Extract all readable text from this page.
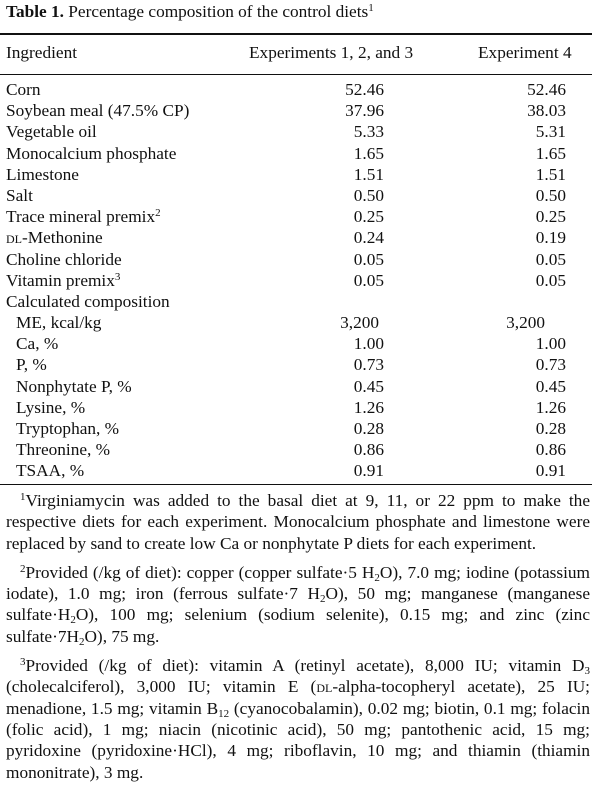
Table 1. Percentage composition of the control diets$^1$
Ingredient	Experiments 1, 2, and 3	Experiment 4
Corn	52.46	52.46
Soybean meal (47.5% CP)	37.96	38.03
Vegetable oil	5.33	5.31
Monocalcium phosphate	1.65	1.65
Limestone	1.51	1.51
Salt	0.50	0.50
Trace mineral premix$^2$	0.25	0.25
dl-Methonine	0.24	0.19
Choline chloride	0.05	0.05
Vitamin premix$^3$	0.05	0.05
Calculated composition
ME, kcal/kg	3,200	3,200
Ca, %	1.00	1.00
P, %	0.73	0.73
Nonphytate P, %	0.45	0.45
Lysine, %	1.26	1.26
Tryptophan, %	0.28	0.28
Threonine, %	0.86	0.86
TSAA, %	0.91	0.91

$^1$Virginiamycin was added to the basal diet at 9, 11, or 22 ppm to make the respective diets for each experiment. Monocalcium phosphate and limestone were replaced by sand to create low Ca or nonphytate P diets for each experiment.

$^2$Provided (/kg of diet): copper (copper sulfate·5 $H_2O$), 7.0 mg; iodine (potassium iodate), 1.0 mg; iron (ferrous sulfate·7 $H_2O$), 50 mg; manganese (manganese $sulfate\cdot H_2O$), 100 mg; selenium (sodium selenite), 0.15 mg; and zinc (zinc $sulfate\cdot 7H_2O$), 75 mg.

$^3$Provided (/kg of diet): vitamin A (retinyl acetate), 8,000 IU; vitamin $D_3$ (cholecalciferol), 3,000 IU; vitamin E (dl-alpha-tocopheryl acetate), 25 IU; menadione, 1.5 mg; vitamin $B_{12}$ (cyanocobalamin), 0.02 mg; biotin, 0.1 mg; folacin (folic acid), 1 mg; niacin (nicotinic acid), 50 mg; pantothenic acid, 15 mg; pyridoxine (pyridoxine·HCl), 4 mg; riboflavin, 10 mg; and thiamin (thiamin mononitrate), 3 mg.
